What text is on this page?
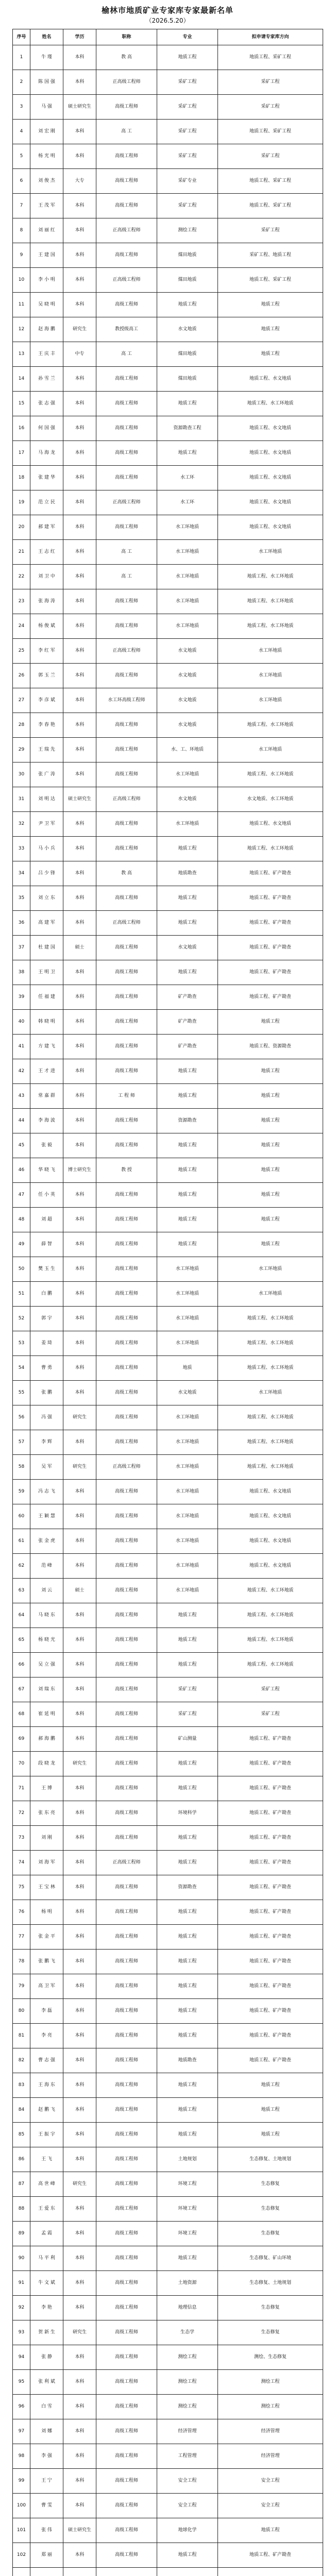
榆林市地质矿业专家库专家最新名单
（2026.5.20）
序号	姓名	学历	职称	专业	拟申请专家库方向
1	牛 瑾	本科	教 高	地质工程	地质工程、采矿工程
2	陈 国 强	本科	正高级工程师	采矿工程	采矿工程
3	马 强	硕士研究生	高级工程师	采矿工程	采矿工程
4	刘 宏 刚	本科	高 工	采矿工程	地质工程、采矿工程
5	杨 光 明	本科	高级工程师	采矿工程	采矿工程
6	刘 俊 杰	大专	高级工程师	采矿专业	地质工程、采矿工程
7	王 茂 军	本科	高级工程师	采矿工程	地质工程、采矿工程
8	刘 丽 红	本科	正高级工程师	测绘工程	采矿工程
9	王 建 国	本科	高级工程师	煤田地质	采矿工程、地质工程
10	李 小 明	本科	正高级工程师	煤田地质	地质工程、采矿工程
11	吴 晓 明	本科	高级工程师	地质工程	地质工程
12	赵 海 鹏	研究生	教授级高工	水文地质	地质工程
13	王 庆 丰	中专	高 工	煤田地质	地质工程
14	孙 雪 兰	本科	高级工程师	煤田地质	地质工程、水文地质
15	张 志 强	本科	高级工程师	地质工程	地质工程、水工环地质
16	何 国 强	本科	高级工程师	资源勘查工程	地质工程、水文地质
17	马 海 龙	本科	高级工程师	地质工程	地质工程、水文地质
18	张 建 华	本科	高级工程师	水工环	地质工程、水文地质
19	范 立 民	本科	正高级工程师	水工环	地质工程、水文地质
20	郝 建 军	本科	高级工程师	水工环地质	地质工程、水文地质
21	王 志 红	本科	高 工	水工环地质	水工环地质
22	刘 卫 中	本科	高 工	水工环地质	地质工程、水工环地质
23	张 海 涛	本科	高级工程师	水工环地质	地质工程、水工环地质
24	杨 俊 斌	本科	高级工程师	水工环地质	地质工程、水工环地质
25	李 红 军	本科	正高级工程师	水文地质	水工环地质
26	郭 玉 兰	本科	高级工程师	水文地质	水工环地质
27	李 彦 斌	本科	水工环高级工程师	水文地质	水工环地质
28	李 春 艳	本科	高级工程师	水文地质	地质工程、水工环地质
29	王 瑞 先	本科	高级工程师	水、工、环地质	水工环地质
30	张 广 涛	本科	高级工程师	水工环地质	地质工程、水工环地质
31	刘 明 达	硕士研究生	正高级工程师	水文地质	水文地质、水工环地质
32	尹 卫 军	本科	高级工程师	水工环地质	地质工程、水文地质
33	马 小 兵	本科	高级工程师	地质工程	地质工程、水工环地质
34	吕 少 锋	本科	教 高	地质勘查	地质工程、矿产勘查
35	刘 立 东	本科	高级工程师	地质工程	地质工程、矿产勘查
36	高 建 军	本科	正高级工程师	地质工程	地质工程、矿产勘查
37	杜 建 国	硕士	高级工程师	水文地质	地质工程、矿产勘查
38	王 明 卫	本科	高级工程师	地质工程	地质工程、矿产勘查
39	任 福 建	本科	高级工程师	矿产勘查	地质工程、矿产勘查
40	韩 晓 明	本科	高级工程师	矿产勘查	地质工程
41	方 建 飞	本科	高级工程师	矿产勘查	地质工程、资源勘查
42	王 才 进	本科	高级工程师	地质工程	地质工程
43	常 嘉 群	本科	工 程 师	地质工程	地质工程
44	李 海 波	本科	高级工程师	资源勘查	地质工程
45	张 毅	本科	高级工程师	地质工程	地质工程
46	华 晓 飞	博士研究生	教 授	地质工程	地质工程
47	任 小 英	本科	高级工程师	地质工程	地质工程
48	刘 超	本科	高级工程师	地质工程	地质工程
49	薛 智	本科	高级工程师	地质工程	地质工程
50	樊 玉 生	本科	高级工程师	水工环地质	水工环地质
51	白 鹏	本科	高级工程师	水工环地质	水工环地质
52	郭 宇	本科	高级工程师	水工环地质	地质工程、水工环地质
53	姜 琦	本科	高级工程师	水工环地质	地质工程、水工环地质
54	曹 勇	本科	高级工程师	地质	地质工程、水工环地质
55	张 鹏	本科	高级工程师	水文地质	水工环地质
56	冯 强	研究生	高级工程师	水工环地质	地质工程、水工环地质
57	李 辉	本科	高级工程师	水工环地质	地质工程、水工环地质
58	吴 军	研究生	正高级工程师	水工环地质	地质工程、水工环地质
59	冯 志 飞	本科	高级工程师	水工环地质	地质工程、水文地质
60	王 颖 慧	本科	高级工程师	水工环地质	地质工程、水文地质
61	张 金 虎	本科	高级工程师	水工环地质	地质工程、水文地质
62	范 峰	本科	高级工程师	水工环地质	地质工程、水文地质
63	刘 云	硕士	高级工程师	水工环地质	地质工程、水工环地质
64	马 晓 东	本科	高级工程师	地质工程	地质工程、水工环地质
65	杨 晓 光	本科	高级工程师	地质工程	地质工程、水工环地质
66	吴 立 强	本科	高级工程师	地质工程	地质工程、水工环地质
67	刘 瑞 东	本科	高级工程师	采矿工程	采矿工程
68	崔 延 明	本科	高级工程师	采矿工程	采矿工程
69	郝 海 鹏	本科	高级工程师	矿山测量	地质工程、矿产勘查
70	段 晓 龙	研究生	高级工程师	地质工程	地质工程、矿产勘查
71	王 博	本科	高级工程师	地质工程	地质工程、矿产勘查
72	张 东 亮	本科	高级工程师	环境科学	地质工程、矿产勘查
73	刘 刚	本科	高级工程师	地质工程	地质工程、矿产勘查
74	刘 海 军	本科	正高级工程师	地质工程	地质工程、矿产勘查
75	王 宝 林	本科	高级工程师	资源勘查	地质工程、矿产勘查
76	杨 明	本科	高级工程师	地质工程	地质工程、矿产勘查
77	张 金 平	本科	高级工程师	地质工程	地质工程、矿产勘查
78	张 鹏 飞	本科	高级工程师	地质工程	地质工程、矿产勘查
79	高 卫 军	本科	高级工程师	地质工程	地质工程、矿产勘查
80	李 磊	本科	高级工程师	地质工程	地质工程、矿产勘查
81	李 亮	本科	高级工程师	地质工程	地质工程、矿产勘查
82	曹 志 强	本科	高级工程师	地质勘查	地质工程、矿产勘查
83	王 海 东	本科	高级工程师	地质工程	地质工程
84	赵 鹏 飞	本科	高级工程师	地质工程	地质工程
85	王 振 宇	本科	高级工程师	地质工程	地质工程
86	王 飞	本科	高级工程师	土地规划	生态修复、土地规划
87	高 世 峰	研究生	高级工程师	环境工程	生态修复
88	王 爱 东	本科	高级工程师	环境工程	生态修复
89	孟 霞	本科	高级工程师	环境工程	生态修复
90	马 平 利	本科	高级工程师	地质工程	生态修复、矿山环境
91	牛 文 斌	本科	高级工程师	土地资源	生态修复、土地规划
92	李 艳	本科	高级工程师	地理信息	生态修复
93	贺 新 生	研究生	高级工程师	生态学	生态修复
94	张 静	本科	高级工程师	测绘工程	测绘、生态修复
95	张 利 斌	本科	高级工程师	测绘工程	测绘工程
96	白 雪	本科	高级工程师	测绘工程	测绘工程
97	刘 娜	本科	高级工程师	经济管理	经济管理
98	李 强	本科	高级工程师	工程管理	经济管理
99	王 宁	本科	高级工程师	安全工程	安全工程
100	曹 雯	本科	高级工程师	安全工程	安全工程
101	张 伟	硕士研究生	高级工程师	地球化学	地质工程
102	郑 丽	本科	高级工程师	地质工程	地质工程、矿产勘查
